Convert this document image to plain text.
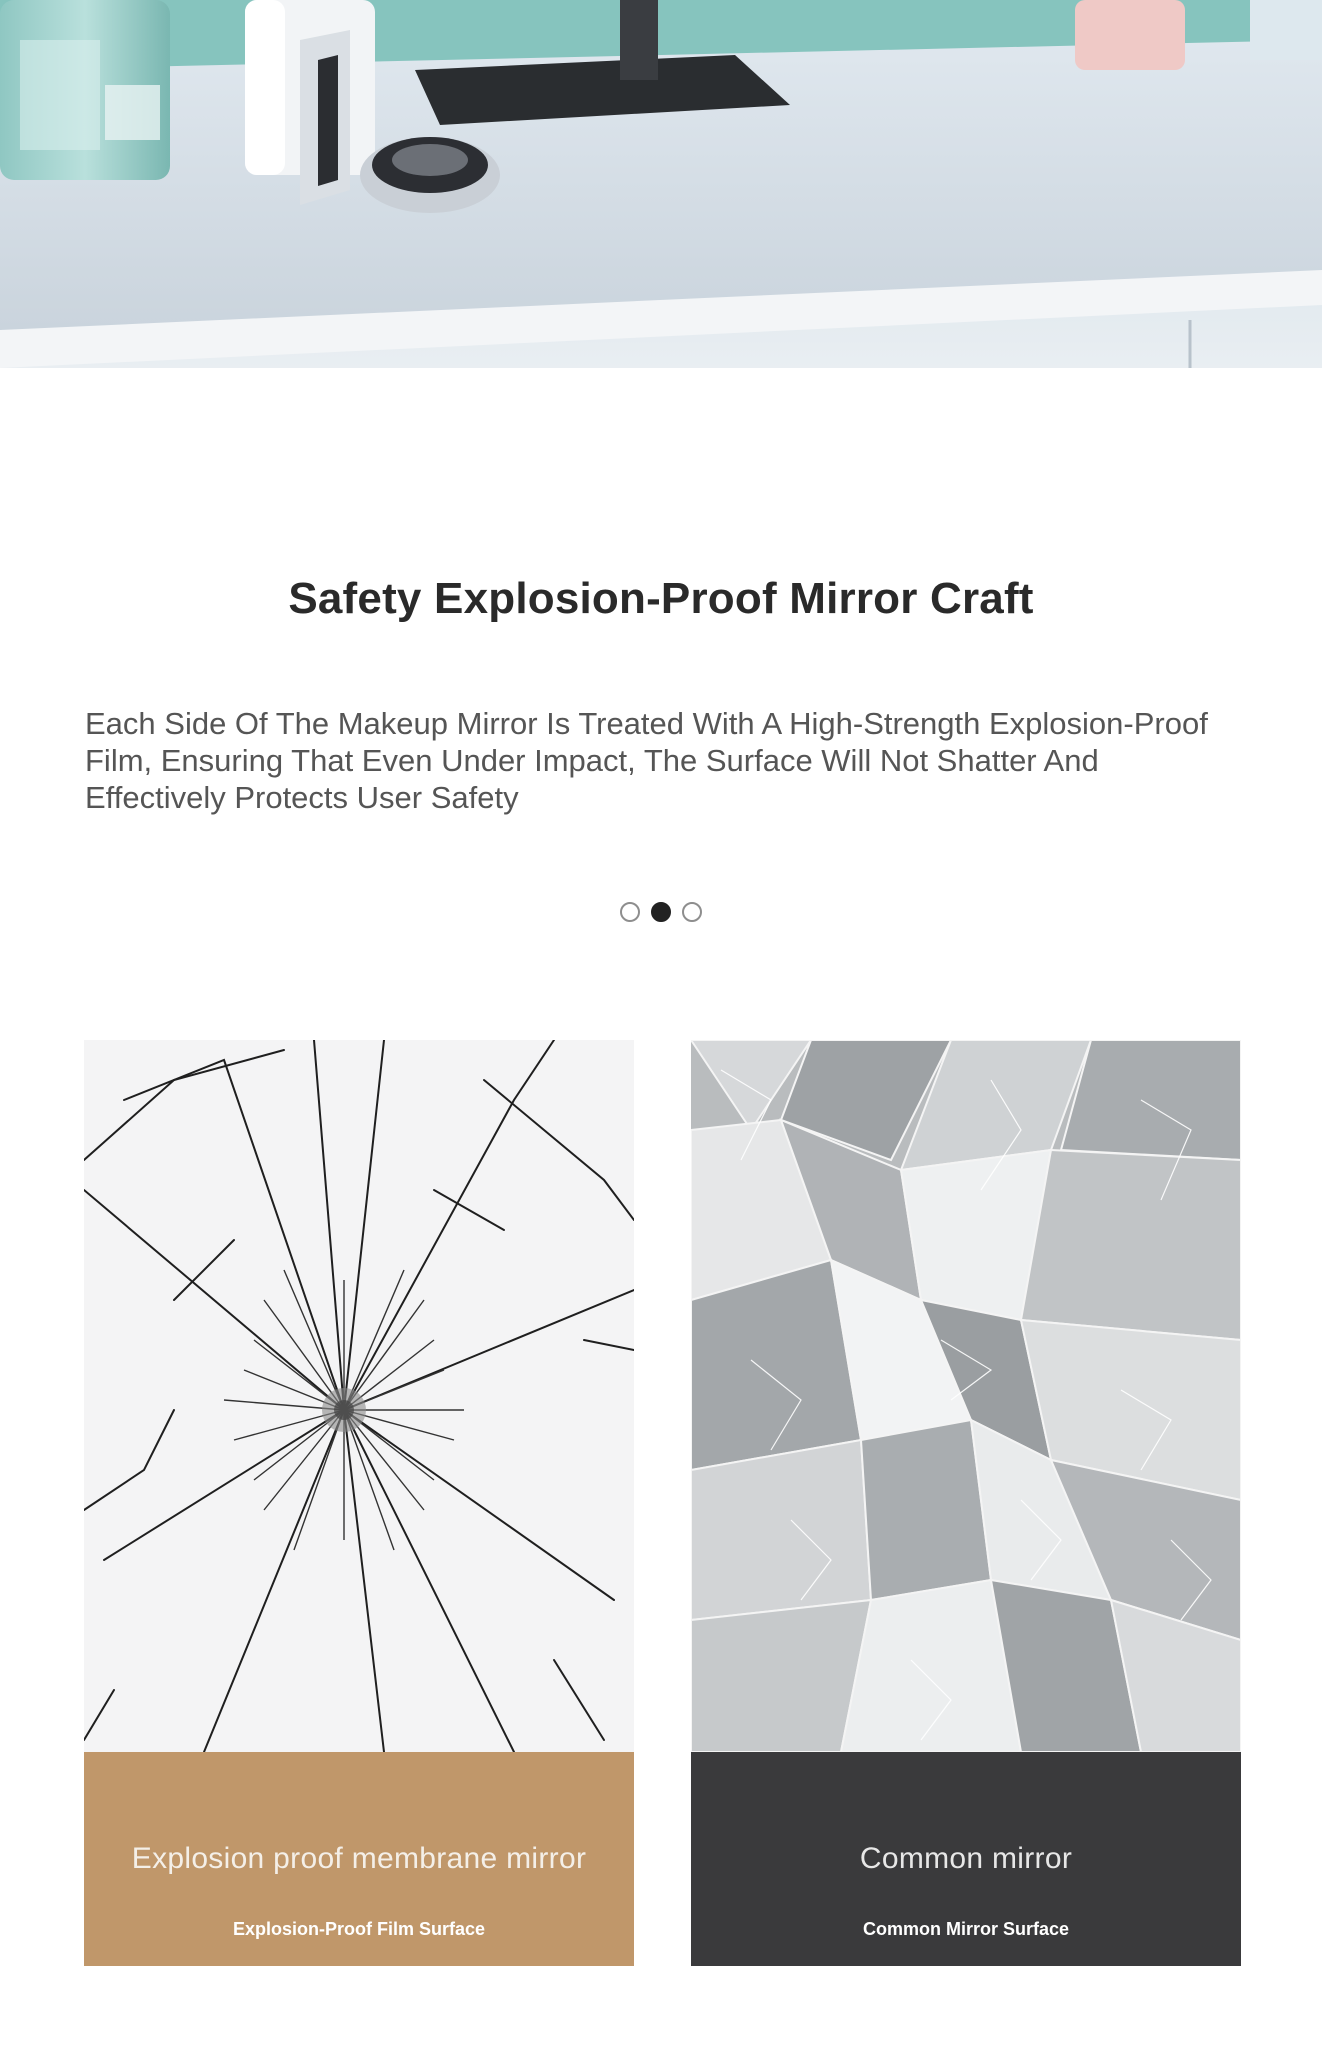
Safety Explosion-Proof Mirror Craft
Each Side Of The Makeup Mirror Is Treated With A High-Strength Explosion-Proof Film, Ensuring That Even Under Impact, The Surface Will Not Shatter And Effectively Protects User Safety
Explosion proof membrane mirror
Explosion-Proof Film Surface
Common mirror
Common Mirror Surface
